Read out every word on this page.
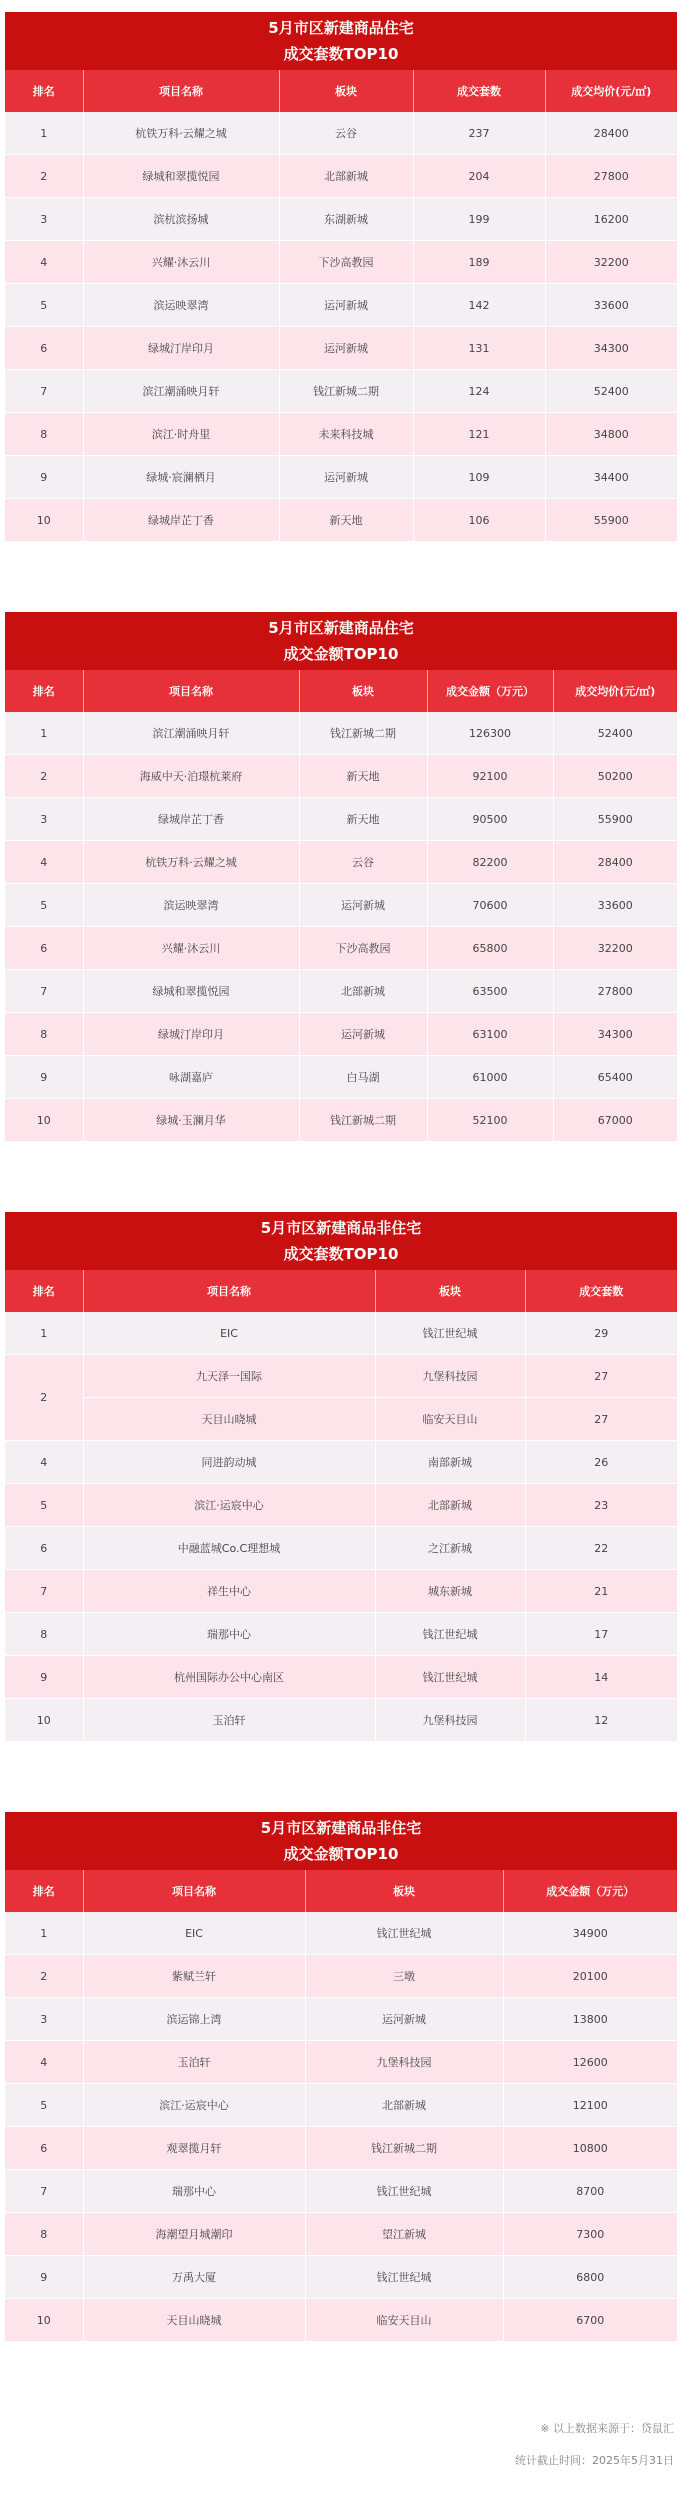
5月市区新建商品住宅
成交套数TOP10
排名	项目名称	板块	成交套数	成交均价(元/㎡)
1	杭铁万科·云耀之城	云谷	237	28400
2	绿城和翠揽悦园	北部新城	204	27800
3	滨杭滨扬城	东湖新城	199	16200
4	兴耀·沐云川	下沙高教园	189	32200
5	滨运映翠湾	运河新城	142	33600
6	绿城汀岸印月	运河新城	131	34300
7	滨江潮涌映月轩	钱江新城二期	124	52400
8	滨江·时舟里	未来科技城	121	34800
9	绿城·宸澜栖月	运河新城	109	34400
10	绿城岸芷丁香	新天地	106	55900
5月市区新建商品住宅
成交金额TOP10
排名	项目名称	板块	成交金额（万元）	成交均价(元/㎡)
1	滨江潮涌映月轩	钱江新城二期	126300	52400
2	海威中天·泊璟杭莱府	新天地	92100	50200
3	绿城岸芷丁香	新天地	90500	55900
4	杭铁万科·云耀之城	云谷	82200	28400
5	滨运映翠湾	运河新城	70600	33600
6	兴耀·沐云川	下沙高教园	65800	32200
7	绿城和翠揽悦园	北部新城	63500	27800
8	绿城汀岸印月	运河新城	63100	34300
9	咏湖嘉庐	白马湖	61000	65400
10	绿城·玉澜月华	钱江新城二期	52100	67000
5月市区新建商品非住宅
成交套数TOP10
排名	项目名称	板块	成交套数
1	EIC	钱江世纪城	29
2	九天泽一国际	九堡科技园	27
	天目山晓城	临安天目山	27
4	同进韵动城	南部新城	26
5	滨江·运宸中心	北部新城	23
6	中融蓝城Co.C理想城	之江新城	22
7	祥生中心	城东新城	21
8	瑞那中心	钱江世纪城	17
9	杭州国际办公中心南区	钱江世纪城	14
10	玉泊轩	九堡科技园	12
5月市区新建商品非住宅
成交金额TOP10
排名	项目名称	板块	成交金额（万元）
1	EIC	钱江世纪城	34900
2	紫赋兰轩	三墩	20100
3	滨运锦上湾	运河新城	13800
4	玉泊轩	九堡科技园	12600
5	滨江·运宸中心	北部新城	12100
6	观翠揽月轩	钱江新城二期	10800
7	瑞那中心	钱江世纪城	8700
8	海潮望月城潮印	望江新城	7300
9	万禹大厦	钱江世纪城	6800
10	天目山晓城	临安天目山	6700
※ 以上数据来源于：贷鼠汇
统计截止时间：2025年5月31日
